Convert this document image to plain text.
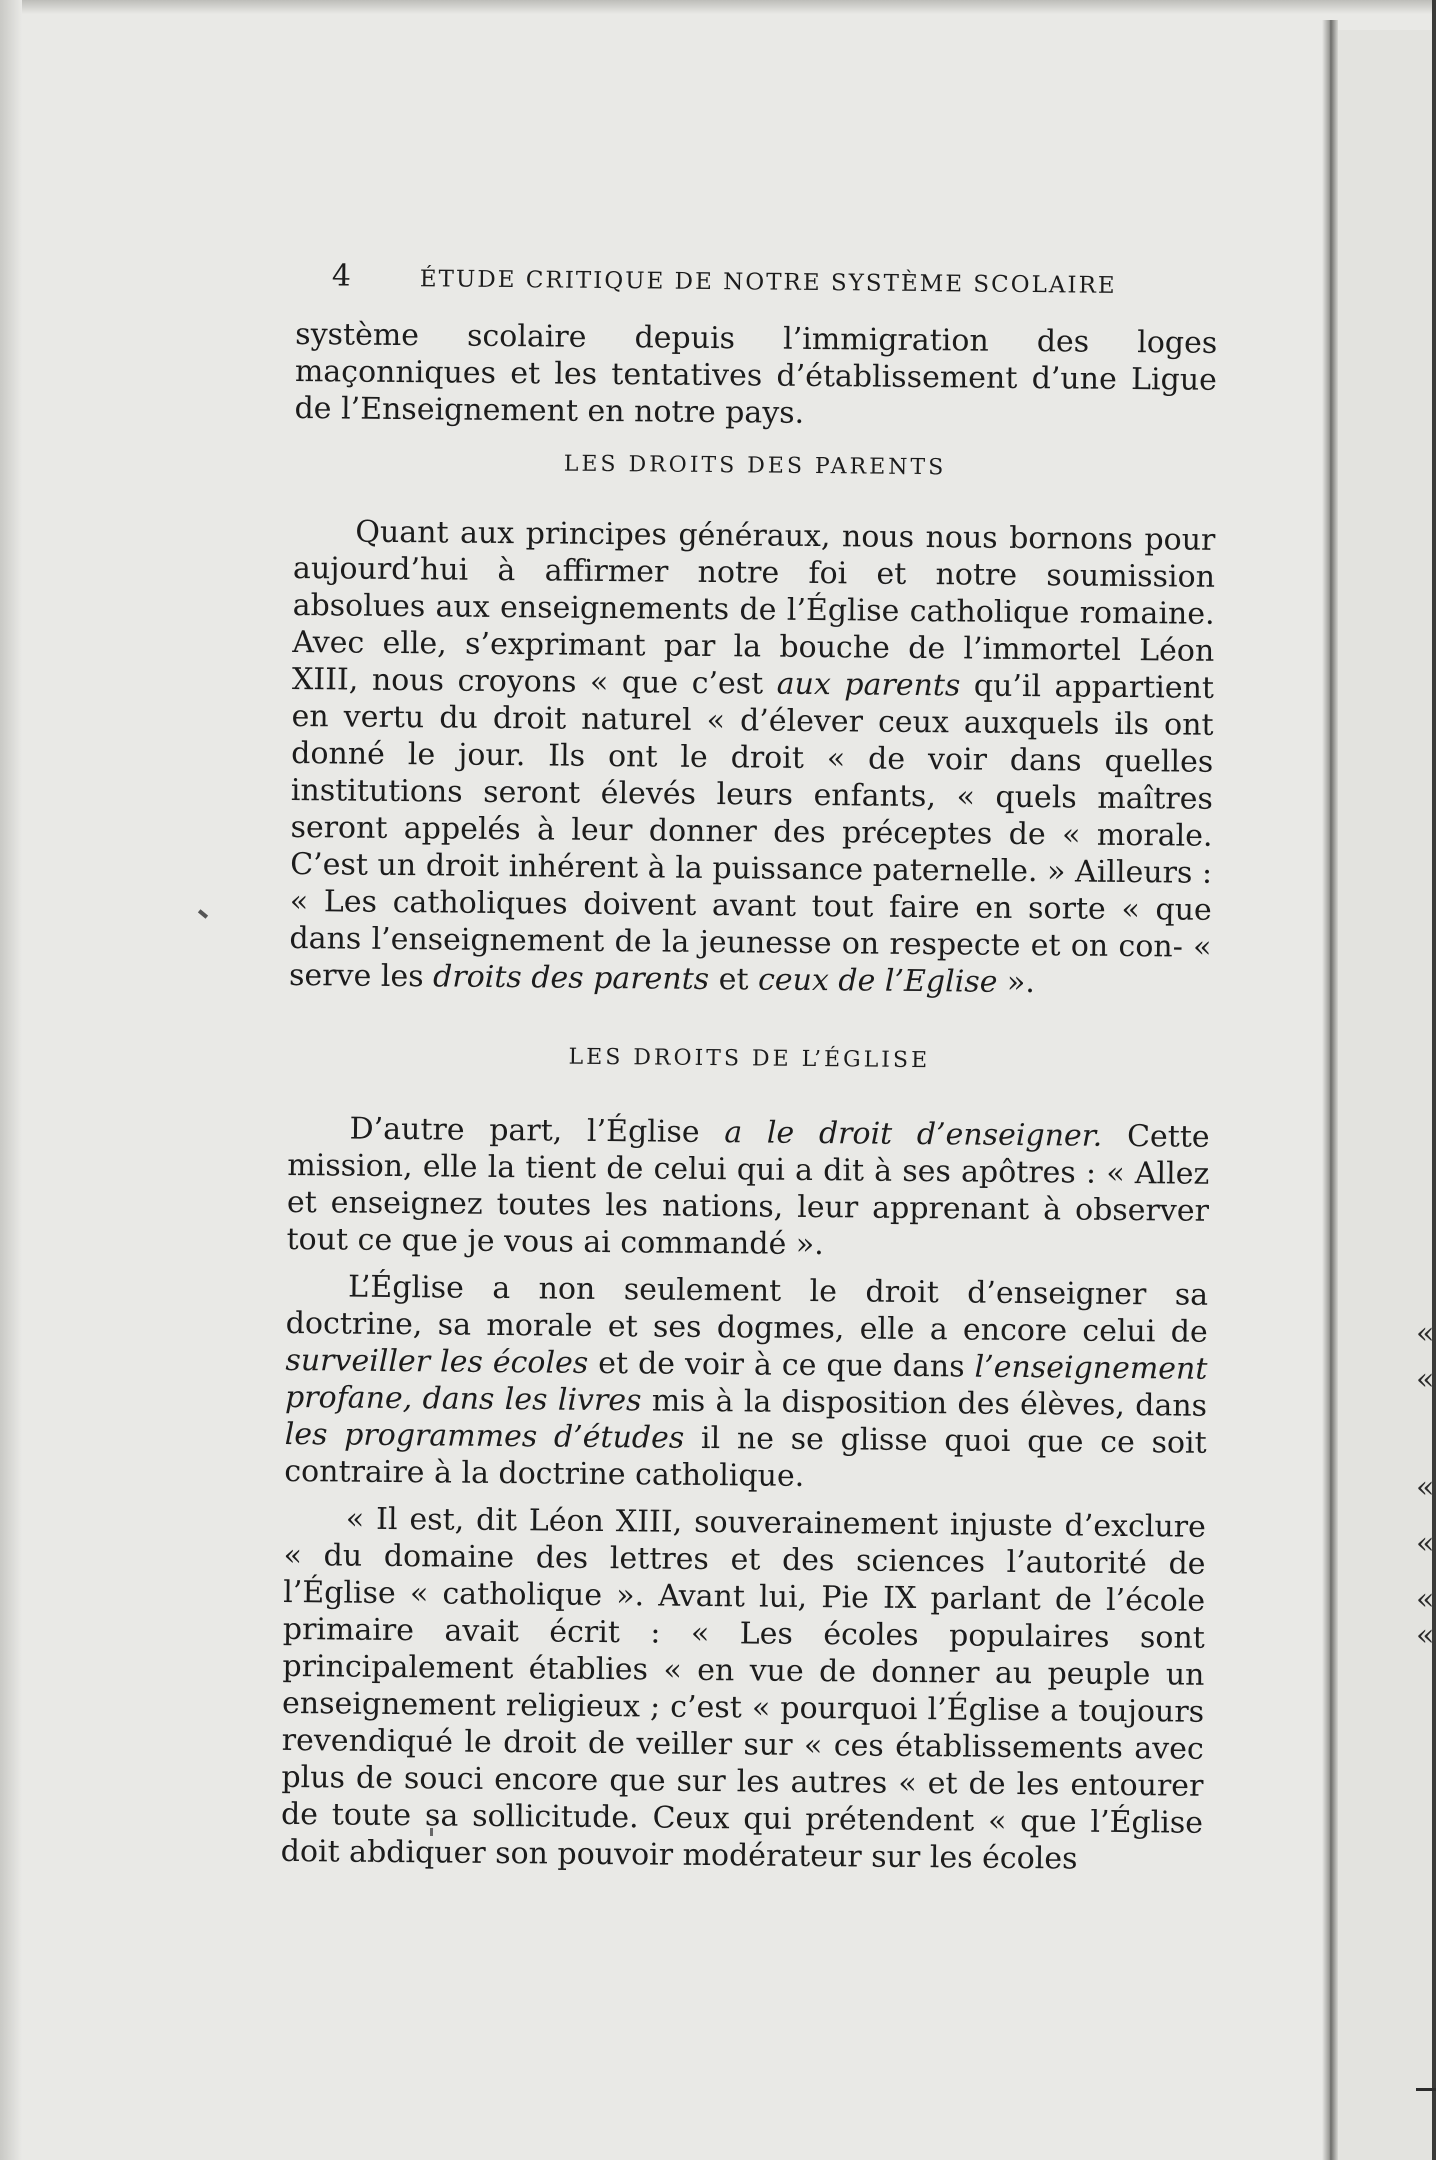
«
«
«
«
«
«
4	ÉTUDE CRITIQUE DE NOTRE SYSTÈME SCOLAIRE

système scolaire depuis l’immigration des loges maçonniques et les tentatives d’établissement d’une Ligue de l’Enseignement en notre pays.

LES DROITS DES PARENTS

Quant aux principes généraux, nous nous bornons pour aujourd’hui à affirmer notre foi et notre soumission absolues aux enseignements de l’Église catholique romaine. Avec elle, s’exprimant par la bouche de l’immortel Léon XIII, nous croyons « que c’est aux parents qu’il appartient en vertu du droit naturel « d’élever ceux auxquels ils ont donné le jour. Ils ont le droit « de voir dans quelles institutions seront élevés leurs enfants, « quels maîtres seront appelés à leur donner des préceptes de « morale. C’est un droit inhérent à la puissance paternelle. » Ailleurs : « Les catholiques doivent avant tout faire en sorte « que dans l’enseignement de la jeunesse on respecte et on con- « serve les droits des parents et ceux de l’Eglise ».

LES DROITS DE L’ÉGLISE

D’autre part, l’Église a le droit d’enseigner. Cette mission, elle la tient de celui qui a dit à ses apôtres : « Allez et enseignez toutes les nations, leur apprenant à observer tout ce que je vous ai commandé ».

L’Église a non seulement le droit d’enseigner sa doctrine, sa morale et ses dogmes, elle a encore celui de surveiller les écoles et de voir à ce que dans l’enseignement profane, dans les livres mis à la disposition des élèves, dans les programmes d’études il ne se glisse quoi que ce soit contraire à la doctrine catholique.

« Il est, dit Léon XIII, souverainement injuste d’exclure « du domaine des lettres et des sciences l’autorité de l’Église « catholique ». Avant lui, Pie IX parlant de l’école primaire avait écrit : « Les écoles populaires sont principalement établies « en vue de donner au peuple un enseignement religieux ; c’est « pourquoi l’Église a toujours revendiqué le droit de veiller sur « ces établissements avec plus de souci encore que sur les autres « et de les entourer de toute sa sollicitude. Ceux qui prétendent « que l’Église doit abdiquer son pouvoir modérateur sur les écoles
